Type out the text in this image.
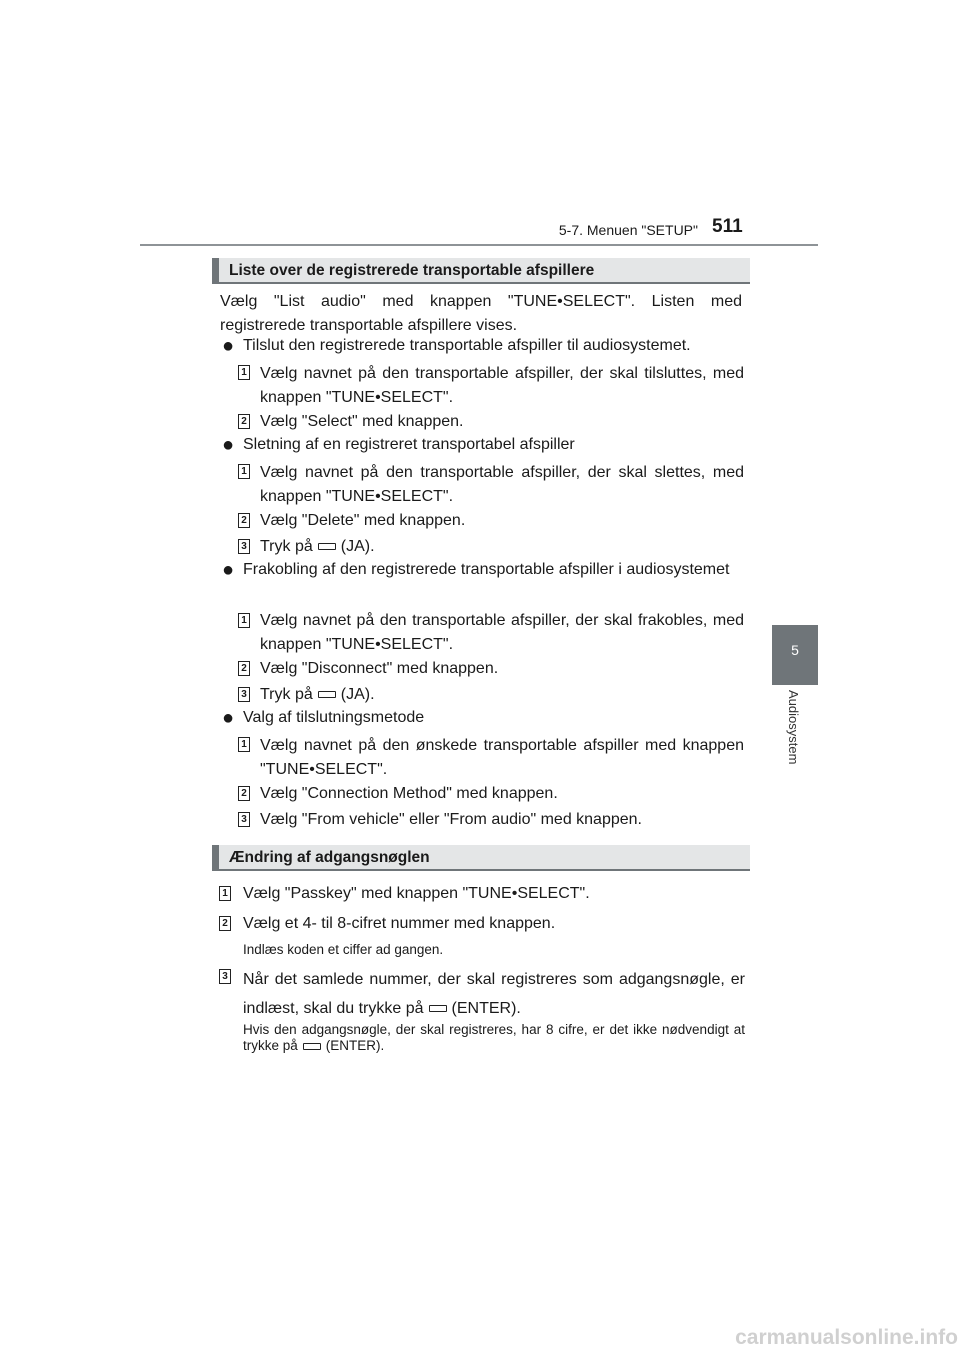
5-7. Menuen "SETUP" 511
5
Audiosystem
Liste over de registrerede transportable afspillere
Vælg "List audio" med knappen "TUNE•SELECT". Listen med registrerede transportable afspillere vises.
● Tilslut den registrerede transportable afspiller til audiosystemet.
1 Vælg navnet på den transportable afspiller, der skal tilsluttes, med knappen "TUNE•SELECT".
2 Vælg "Select" med knappen.
● Sletning af en registreret transportabel afspiller
1 Vælg navnet på den transportable afspiller, der skal slettes, med knappen "TUNE•SELECT".
2 Vælg "Delete" med knappen.
3 Tryk på (JA).
● Frakobling af den registrerede transportable afspiller i audiosystemet
1 Vælg navnet på den transportable afspiller, der skal frakobles, med knappen "TUNE•SELECT".
2 Vælg "Disconnect" med knappen.
3 Tryk på (JA).
● Valg af tilslutningsmetode
1 Vælg navnet på den ønskede transportable afspiller med knappen "TUNE•SELECT".
2 Vælg "Connection Method" med knappen.
3 Vælg "From vehicle" eller "From audio" med knappen.
Ændring af adgangsnøglen
1 Vælg "Passkey" med knappen "TUNE•SELECT".
2 Vælg et 4- til 8-cifret nummer med knappen.
Indlæs koden et ciffer ad gangen.
3 Når det samlede nummer, der skal registreres som adgangsnøgle, er indlæst, skal du trykke på (ENTER).
Hvis den adgangsnøgle, der skal registreres, har 8 cifre, er det ikke nødvendigt at trykke på (ENTER).
carmanualsonline.info
